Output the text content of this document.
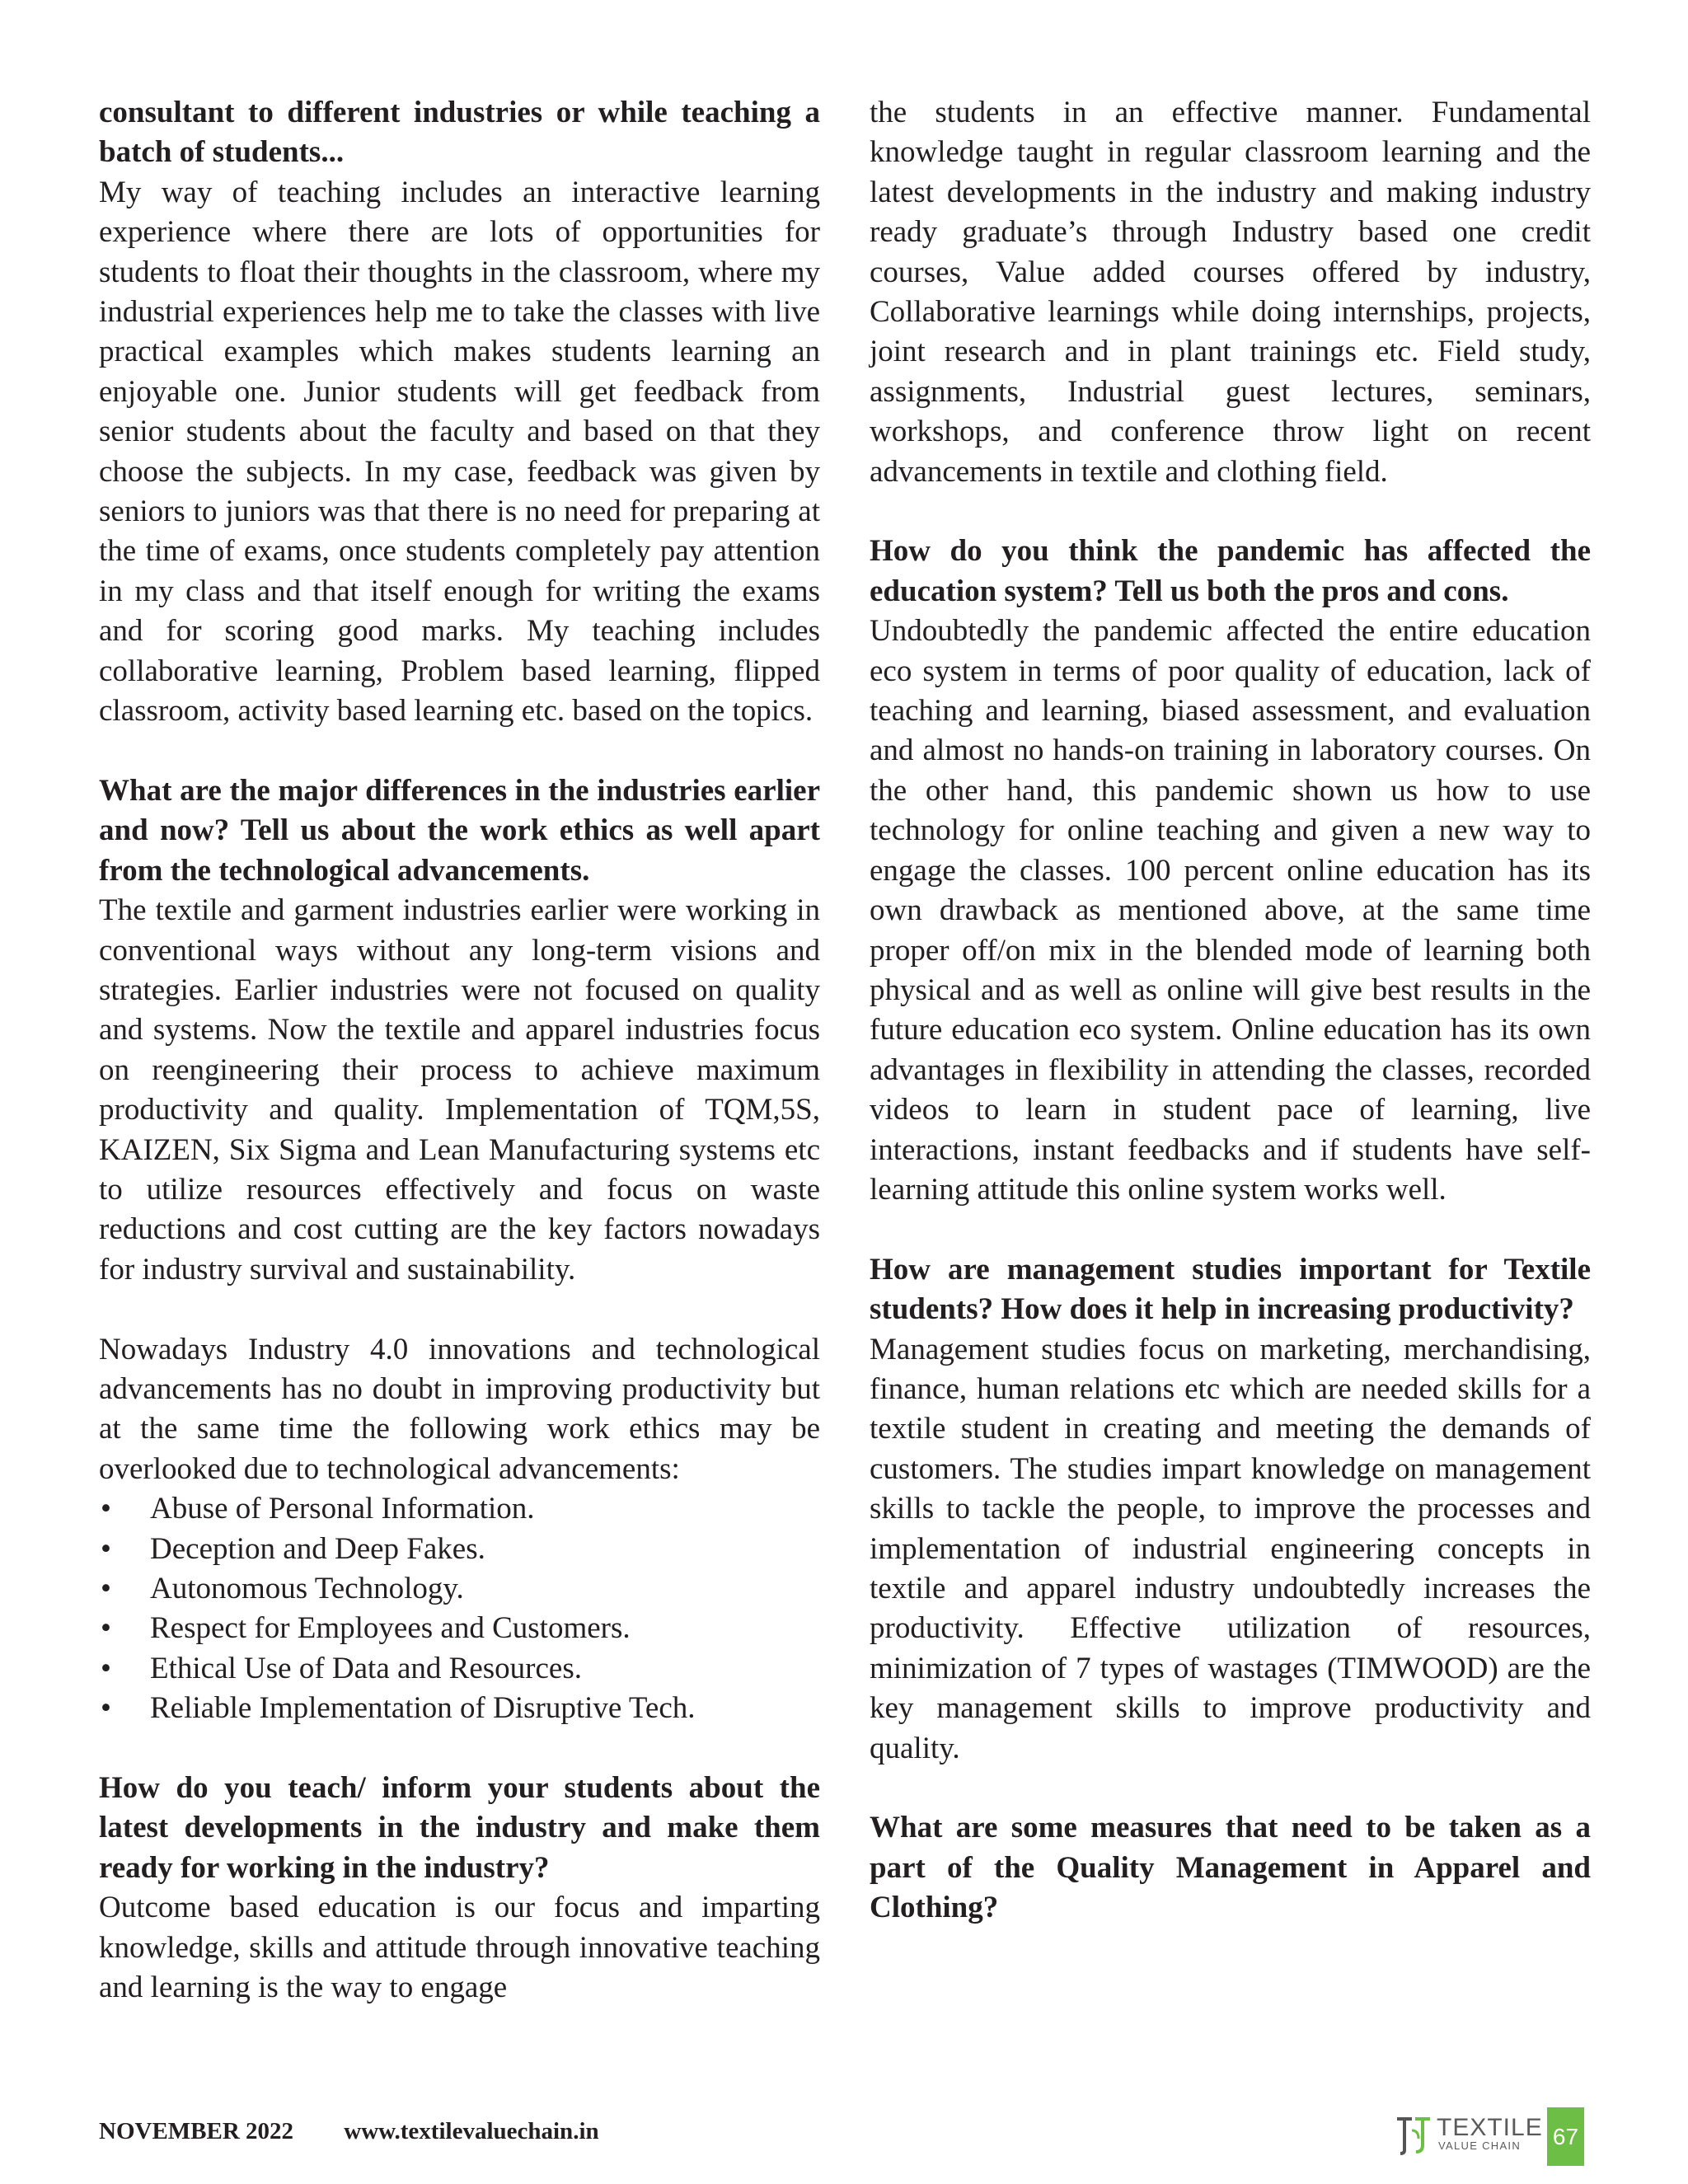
consultant to different industries or while teaching a batch of students...

My way of teaching includes an interactive learning experience where there are lots of opportunities for students to float their thoughts in the classroom, where my industrial experiences help me to take the classes with live practical examples which makes students learning an enjoyable one. Junior students will get feedback from senior students about the faculty and based on that they choose the subjects. In my case, feedback was given by seniors to juniors was that there is no need for preparing at the time of exams, once students completely pay attention in my class and that itself enough for writing the exams and for scoring good marks. My teaching includes collaborative learning, Problem based learning, flipped classroom, activity based learning etc. based on the topics.

What are the major differences in the industries earlier and now? Tell us about the work ethics as well apart from the technological advancements.

The textile and garment industries earlier were working in conventional ways without any long-term visions and strategies. Earlier industries were not focused on quality and systems. Now the textile and apparel industries focus on reengineering their process to achieve maximum productivity and quality. Implementation of TQM,5S, KAIZEN, Six Sigma and Lean Manufacturing systems etc to utilize resources effectively and focus on waste reductions and cost cutting are the key factors nowadays for industry survival and sustainability.

Nowadays Industry 4.0 innovations and technological advancements has no doubt in improving productivity but at the same time the following work ethics may be overlooked due to technological advancements:

• Abuse of Personal Information.
• Deception and Deep Fakes.
• Autonomous Technology.
• Respect for Employees and Customers.
• Ethical Use of Data and Resources.
• Reliable Implementation of Disruptive Tech.

How do you teach/ inform your students about the latest developments in the industry and make them ready for working in the industry?

Outcome based education is our focus and imparting knowledge, skills and attitude through innovative teaching and learning is the way to engage

the students in an effective manner. Fundamental knowledge taught in regular classroom learning and the latest developments in the industry and making industry ready graduate’s through Industry based one credit courses, Value added courses offered by industry, Collaborative learnings while doing internships, projects, joint research and in plant trainings etc. Field study, assignments, Industrial guest lectures, seminars, workshops, and conference throw light on recent advancements in textile and clothing field.

How do you think the pandemic has affected the education system? Tell us both the pros and cons.

Undoubtedly the pandemic affected the entire education eco system in terms of poor quality of education, lack of teaching and learning, biased assessment, and evaluation and almost no hands-on training in laboratory courses. On the other hand, this pandemic shown us how to use technology for online teaching and given a new way to engage the classes. 100 percent online education has its own drawback as mentioned above, at the same time proper off/on mix in the blended mode of learning both physical and as well as online will give best results in the future education eco system. Online education has its own advantages in flexibility in attending the classes, recorded videos to learn in student pace of learning, live interactions, instant feedbacks and if students have self-learning attitude this online system works well.

How are management studies important for Textile students? How does it help in increasing productivity?

Management studies focus on marketing, merchandising, finance, human relations etc which are needed skills for a textile student in creating and meeting the demands of customers. The studies impart knowledge on management skills to tackle the people, to improve the processes and implementation of industrial engineering concepts in textile and apparel industry undoubtedly increases the productivity. Effective utilization of resources, minimization of 7 types of wastages (TIMWOOD) are the key management skills to improve productivity and quality.

What are some measures that need to be taken as a part of the Quality Management in Apparel and Clothing?

NOVEMBER 2022 www.textilevaluechain.in	TEXTILE
VALUE CHAIN 67
